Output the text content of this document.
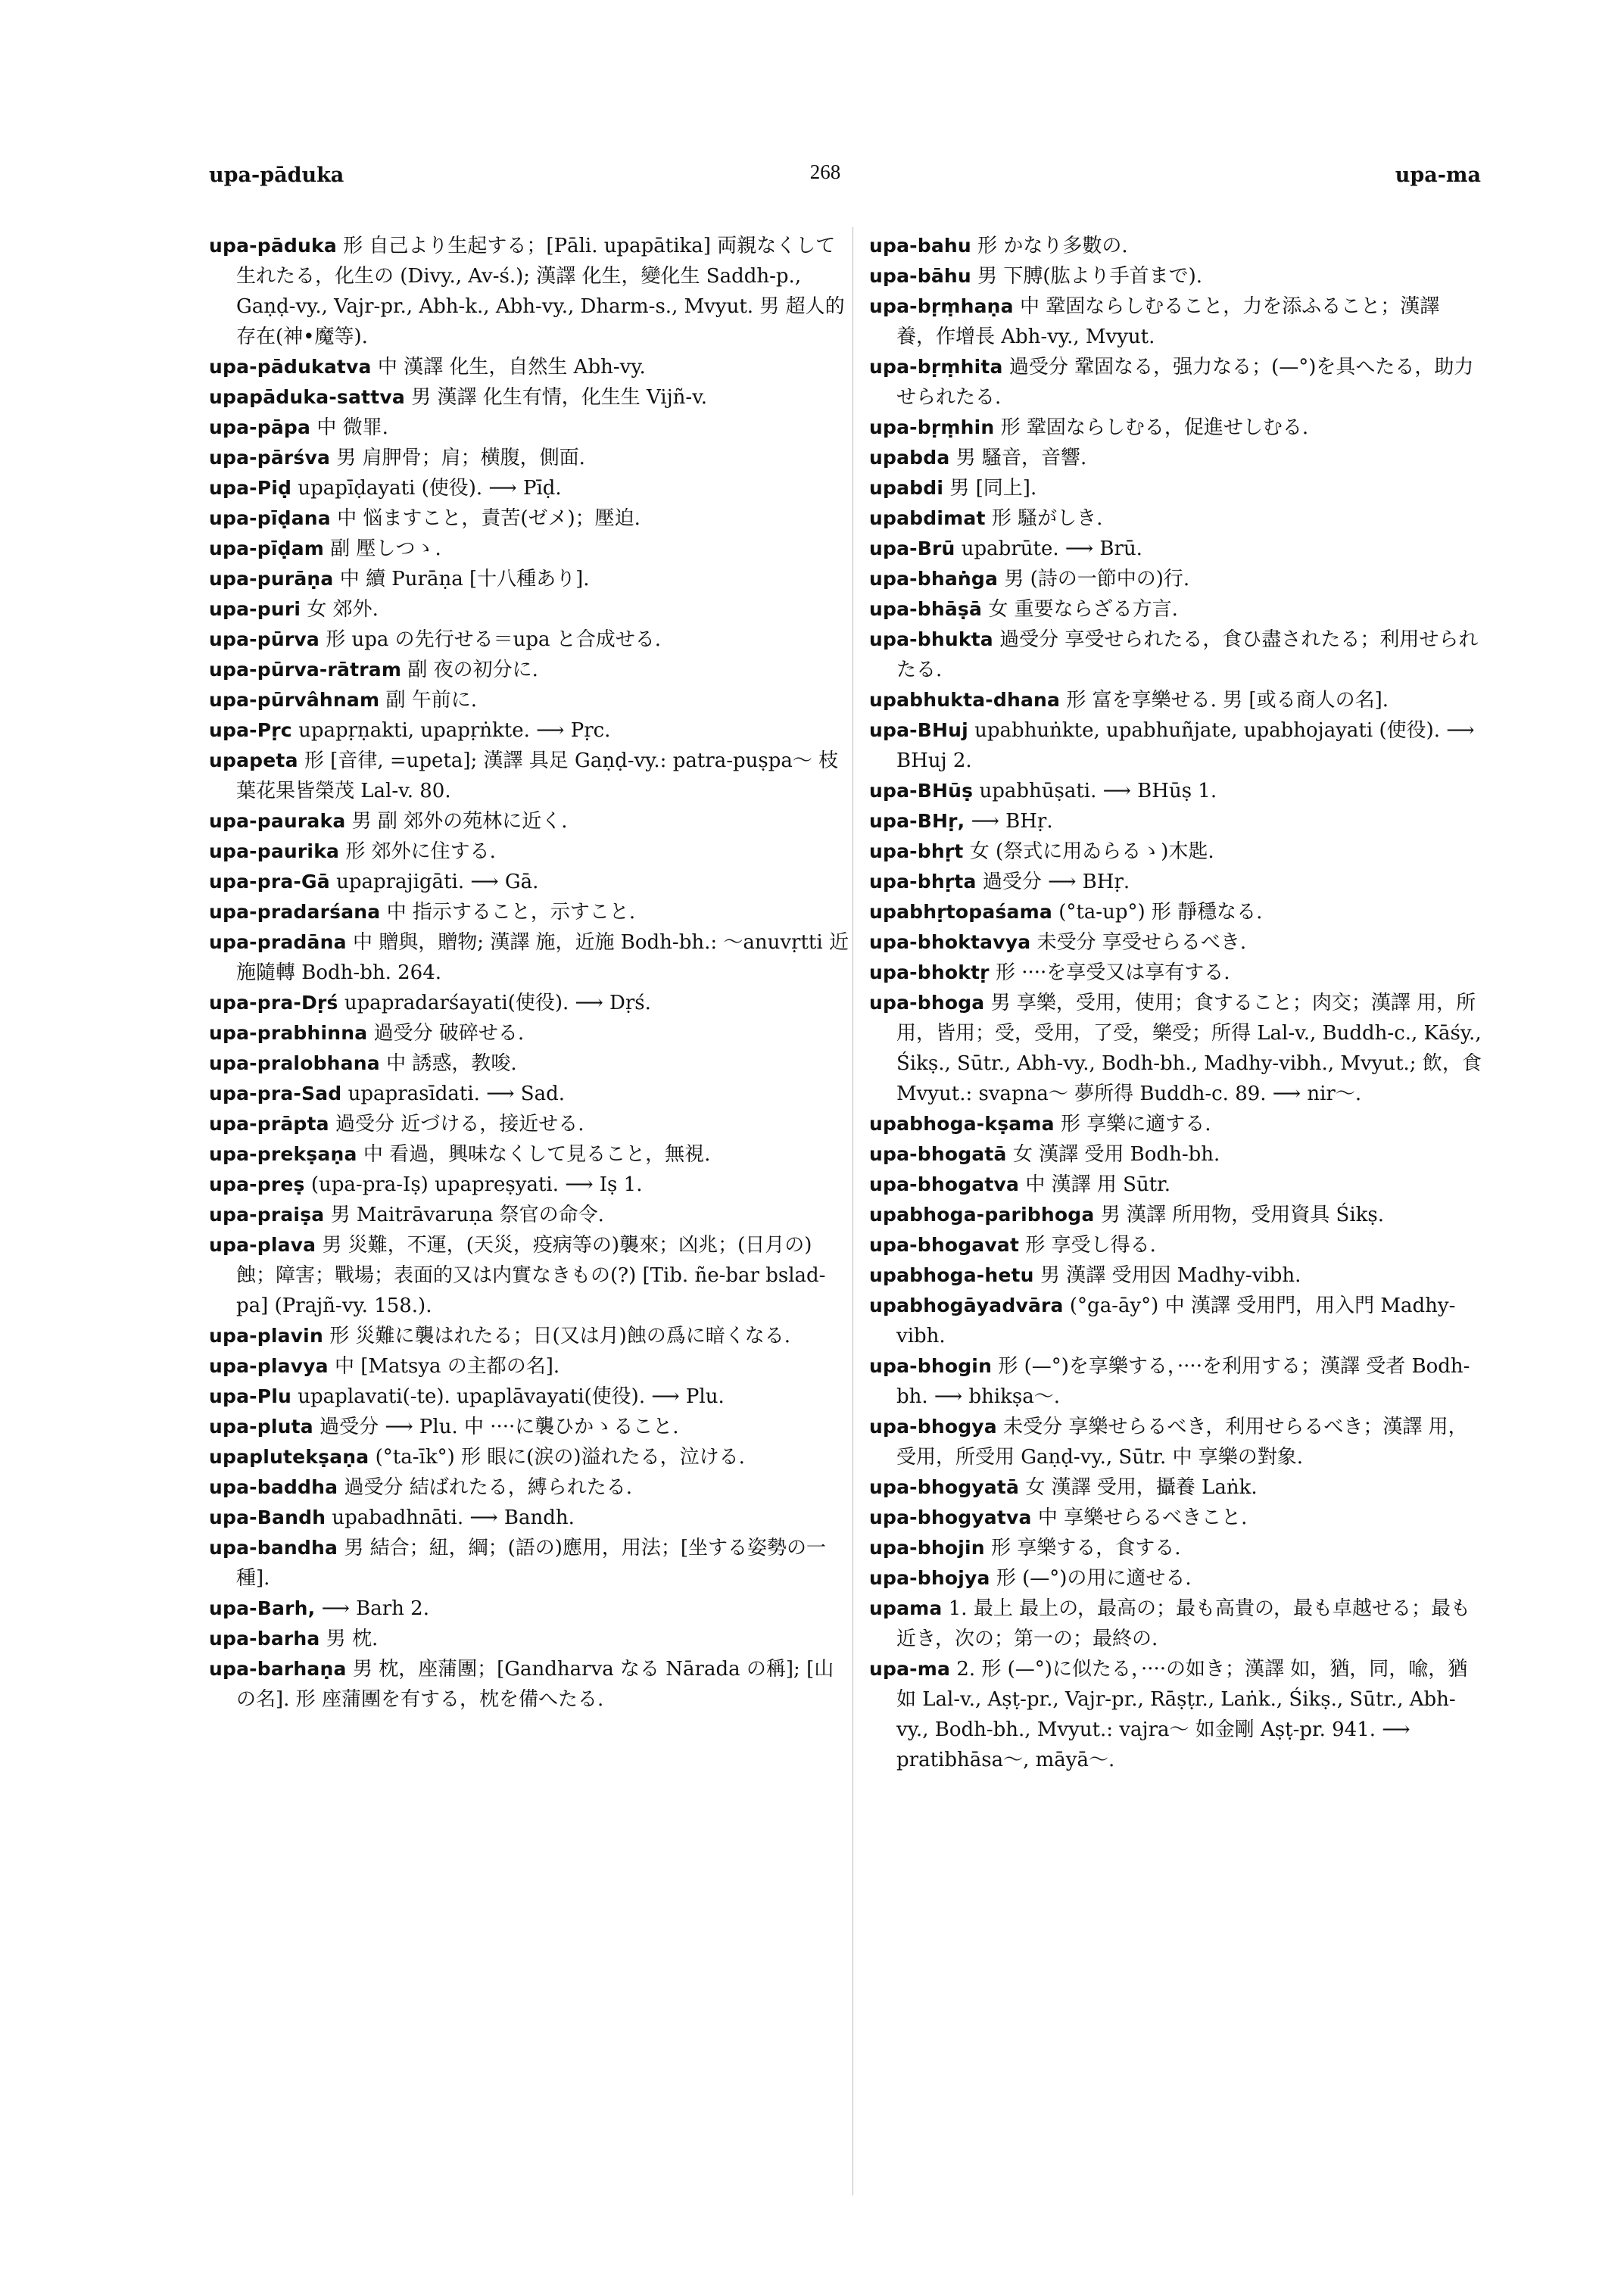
upa-pāduka	268	upa-ma

upa-pāduka 形 自己より生起する；[Pāli. upapātika] 両親なくして生れたる，化生の (Divy., Av-ś.); 漢譯 化生，變化生 Saddh-p., Gaṇḍ-vy., Vajr-pr., Abh-k., Abh-vy., Dharm-s., Mvyut. 男 超人的存在(神•魔等).

upa-pādukatva 中 漢譯 化生，自然生 Abh-vy.

upapāduka-sattva 男 漢譯 化生有情，化生生 Vijñ-v.

upa-pāpa 中 微罪.

upa-pārśva 男 肩胛骨；肩；横腹，側面.

upa-Piḍ upapīḍayati (使役). ⟶ Pīḍ.

upa-pīḍana 中 悩ますこと，責苦(ゼメ)；壓迫.

upa-pīḍam 副 壓しつゝ.

upa-purāṇa 中 續 Purāṇa [十八種あり].

upa-puri 女 郊外.

upa-pūrva 形 upa の先行せる＝upa と合成せる.

upa-pūrva-rātram 副 夜の初分に.

upa-pūrvâhnam 副 午前に.

upa-Pṛc upapṛṇakti, upapṛṅkte. ⟶ Pṛc.

upapeta 形 [音律, =upeta]; 漢譯 具足 Gaṇḍ-vy.: patra-puṣpa〜 枝葉花果皆榮茂 Lal-v. 80.

upa-pauraka 男 副 郊外の苑林に近く.

upa-paurika 形 郊外に住する.

upa-pra-Gā upaprajigāti. ⟶ Gā.

upa-pradarśana 中 指示すること，示すこと.

upa-pradāna 中 贈與，贈物; 漢譯 施，近施 Bodh-bh.: 〜anuvṛtti 近施隨轉 Bodh-bh. 264.

upa-pra-Dṛś upapradarśayati(使役). ⟶ Dṛś.

upa-prabhinna 過受分 破碎せる.

upa-pralobhana 中 誘惑，教唆.

upa-pra-Sad upaprasīdati. ⟶ Sad.

upa-prāpta 過受分 近づける，接近せる.

upa-prekṣaṇa 中 看過，興味なくして見ること，無視.

upa-preṣ (upa-pra-Iṣ) upapreṣyati. ⟶ Iṣ 1.

upa-praiṣa 男 Maitrāvaruṇa 祭官の命令.

upa-plava 男 災難，不運，(天災，疫病等の)襲來；凶兆；(日月の)蝕；障害；戰場；表面的又は内實なきもの(?) [Tib. ñe-bar bslad-pa] (Prajñ-vy. 158.).

upa-plavin 形 災難に襲はれたる；日(又は月)蝕の爲に暗くなる.

upa-plavya 中 [Matsya の主都の名].

upa-Plu upaplavati(-te). upaplāvayati(使役). ⟶ Plu.

upa-pluta 過受分 ⟶ Plu. 中 ····に襲ひかゝること.

upaplutekṣaṇa (°ta-īk°) 形 眼に(涙の)溢れたる，泣ける.

upa-baddha 過受分 結ばれたる，縛られたる.

upa-Bandh upabadhnāti. ⟶ Bandh.

upa-bandha 男 結合；紐，綱；(語の)應用，用法；[坐する姿勢の一種].

upa-Barh, ⟶ Barh 2.

upa-barha 男 枕.

upa-barhaṇa 男 枕，座蒲團；[Gandharva なる Nārada の稱]; [山の名]. 形 座蒲團を有する，枕を備へたる.

upa-bahu 形 かなり多數の.

upa-bāhu 男 下膊(肱より手首まで).

upa-bṛṃhaṇa 中 鞏固ならしむること，力を添ふること；漢譯 養，作增長 Abh-vy., Mvyut.

upa-bṛṃhita 過受分 鞏固なる，强力なる；(—°)を具へたる，助力せられたる.

upa-bṛṃhin 形 鞏固ならしむる，促進せしむる.

upabda 男 騷音，音響.

upabdi 男 [同上].

upabdimat 形 騷がしき.

upa-Brū upabrūte. ⟶ Brū.

upa-bhaṅga 男 (詩の一節中の)行.

upa-bhāṣā 女 重要ならざる方言.

upa-bhukta 過受分 享受せられたる，食ひ盡されたる；利用せられたる.

upabhukta-dhana 形 富を享樂せる. 男 [或る商人の名].

upa-BHuj upabhuṅkte, upabhuñjate, upabhojayati (使役). ⟶ BHuj 2.

upa-BHūṣ upabhūṣati. ⟶ BHūṣ 1.

upa-BHṛ, ⟶ BHṛ.

upa-bhṛt 女 (祭式に用ゐらるゝ)木匙.

upa-bhṛta 過受分 ⟶ BHṛ.

upabhṛtopaśama (°ta-up°) 形 靜穩なる.

upa-bhoktavya 未受分 享受せらるべき.

upa-bhoktṛ 形 ····を享受又は享有する.

upa-bhoga 男 享樂，受用，使用；食すること；肉交；漢譯 用，所用，皆用；受，受用，了受，樂受；所得 Lal-v., Buddh-c., Kāśy., Śikṣ., Sūtr., Abh-vy., Bodh-bh., Madhy-vibh., Mvyut.; 飲，食 Mvyut.: svapna〜 夢所得 Buddh-c. 89. ⟶ nir〜.

upabhoga-kṣama 形 享樂に適する.

upa-bhogatā 女 漢譯 受用 Bodh-bh.

upa-bhogatva 中 漢譯 用 Sūtr.

upabhoga-paribhoga 男 漢譯 所用物，受用資具 Śikṣ.

upa-bhogavat 形 享受し得る.

upabhoga-hetu 男 漢譯 受用因 Madhy-vibh.

upabhogāyadvāra (°ga-āy°) 中 漢譯 受用門，用入門 Madhy-vibh.

upa-bhogin 形 (—°)を享樂する，····を利用する；漢譯 受者 Bodh-bh. ⟶ bhikṣa〜.

upa-bhogya 未受分 享樂せらるべき，利用せらるべき；漢譯 用，受用，所受用 Gaṇḍ-vy., Sūtr. 中 享樂の對象.

upa-bhogyatā 女 漢譯 受用，攝養 Laṅk.

upa-bhogyatva 中 享樂せらるべきこと.

upa-bhojin 形 享樂する，食する.

upa-bhojya 形 (—°)の用に適せる.

upama 1. 最上 最上の，最高の；最も高貴の，最も卓越せる；最も近き，次の；第一の；最終の.

upa-ma 2. 形 (—°)に似たる，····の如き；漢譯 如，猶，同，喩，猶如 Lal-v., Aṣṭ-pr., Vajr-pr., Rāṣṭr., Laṅk., Śikṣ., Sūtr., Abh-vy., Bodh-bh., Mvyut.: vajra〜 如金剛 Aṣṭ-pr. 941. ⟶ pratibhāsa〜, māyā〜.
